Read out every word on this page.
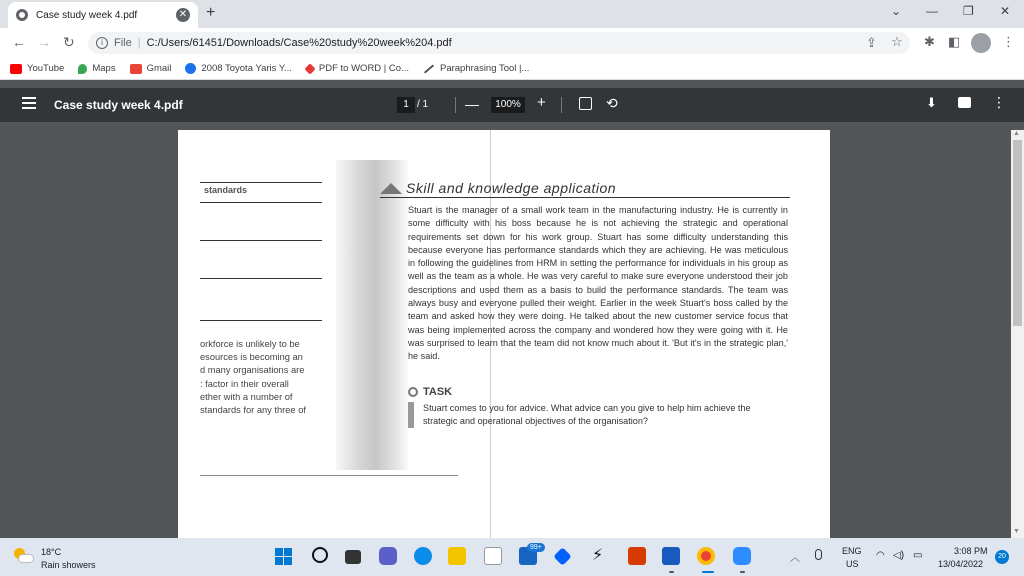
Case study week 4.pdf	✕ +	⌄ — ❐ ✕
← → ↻	i	File | C:/Users/61451/Downloads/Case%20study%20week%204.pdf	⇪ ☆ ✱ ◧	⋮
YouTube	Maps	Gmail	2008 Toyota Yaris Y...	PDF to WORD | Co...	Paraphrasing Tool |...
Case study week 4.pdf	1 / 1	—	100% +	⟲	⬇	⋮
standards
orkforce is unlikely to be
esources is becoming an
d many organisations are
: factor in their overall
ether with a number of
standards for any three of
Skill and knowledge application
Stuart is the manager of a small work team in the manufacturing industry. He is currently in some difficulty with his boss because he is not achieving the strategic and operational requirements set down for his work group. Stuart has some difficulty understanding this because everyone has performance standards which they are achieving. He was meticulous in following the guidelines from HRM in setting the performance for individuals in his group as well as the team as a whole. He was very careful to make sure everyone understood their job descriptions and used them as a basis to build the performance standards. The team was always busy and everyone pulled their weight. Earlier in the week Stuart's boss called by the team and asked how they were doing. He talked about the new customer service focus that was being implemented across the company and wondered how they were going with it. He was surprised to learn that the team did not know much about it. 'But it's in the strategic plan,' he said.
TASK
Stuart comes to you for advice. What advice can you give to help him achieve the strategic and operational objectives of the organisation?
▲
▼
18°C
Rain showers
99+	⚡	︿
ENG
US
◠ ◁) ▭	3:08 PM
13/04/2022
20
